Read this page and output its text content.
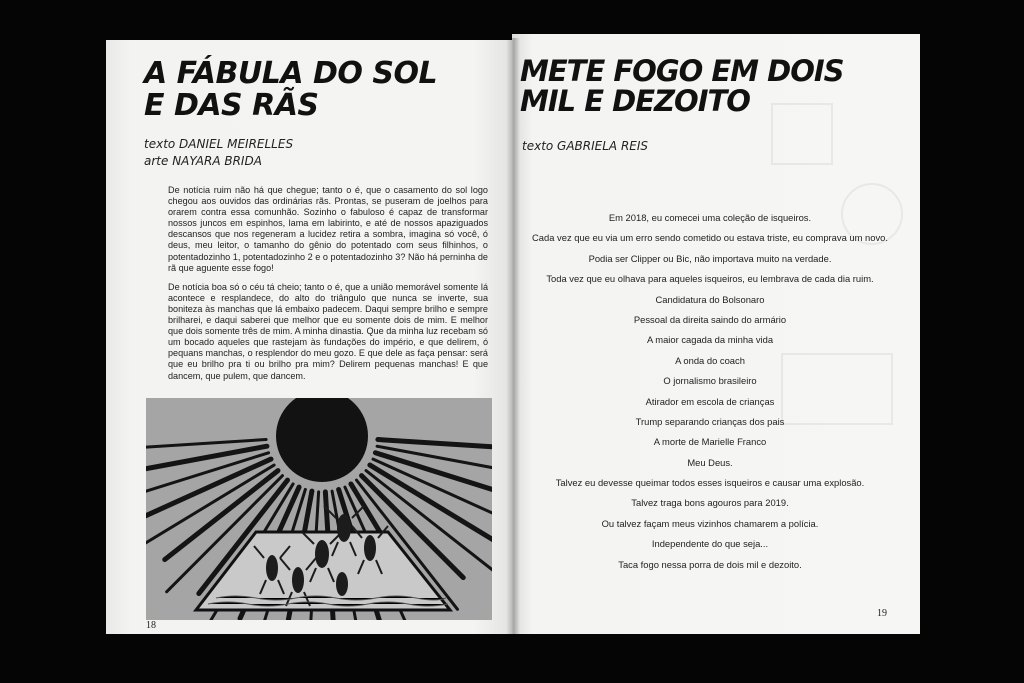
A FÁBULA DO SOL
E DAS RÃS
texto DANIEL MEIRELLES
arte NAYARA BRIDA

De notícia ruim não há que chegue; tanto o é, que o casamento do sol logo chegou aos ouvidos das ordinárias rãs. Prontas, se puseram de joelhos para orarem contra essa comunhão. Sozinho o fabuloso é capaz de transformar nossos juncos em espinhos, lama em labirinto, e até de nossos apaziguados descansos que nos regeneram a lucidez retira a sombra, imagina só você, ó deus, meu leitor, o tamanho do gênio do potentado com seus filhinhos, o potentadozinho 1, potentadozinho 2 e o potentadozinho 3? Não há perninha de rã que aguente esse fogo!

De notícia boa só o céu tá cheio; tanto o é, que a união memorável somente lá acontece e resplandece, do alto do triângulo que nunca se inverte, sua boniteza às manchas que lá embaixo padecem. Daqui sempre brilho e sempre brilharei, e daqui saberei que melhor que eu somente dois de mim. E melhor que dois somente três de mim. A minha dinastia. Que da minha luz recebam só um bocado aqueles que rastejam às fundações do império, e que delirem, ó pequans manchas, o resplendor do meu gozo. E que dele as faça pensar: será que eu brilho pra ti ou brilho pra mim? Delirem pequenas manchas! E que dancem, que pulem, que dancem.

18
METE FOGO EM DOIS
MIL E DEZOITO
texto GABRIELA REIS
Em 2018, eu comecei uma coleção de isqueiros.
Cada vez que eu via um erro sendo cometido ou estava triste, eu comprava um novo.
Podia ser Clipper ou Bic, não importava muito na verdade.
Toda vez que eu olhava para aqueles isqueiros, eu lembrava de cada dia ruim.
Candidatura do Bolsonaro
Pessoal da direita saindo do armário
A maior cagada da minha vida
A onda do coach
O jornalismo brasileiro
Atirador em escola de crianças
Trump separando crianças dos pais
A morte de Marielle Franco
Meu Deus.
Talvez eu devesse queimar todos esses isqueiros e causar uma explosão.
Talvez traga bons agouros para 2019.
Ou talvez façam meus vizinhos chamarem a polícia.
Independente do que seja...
Taca fogo nessa porra de dois mil e dezoito.
19
